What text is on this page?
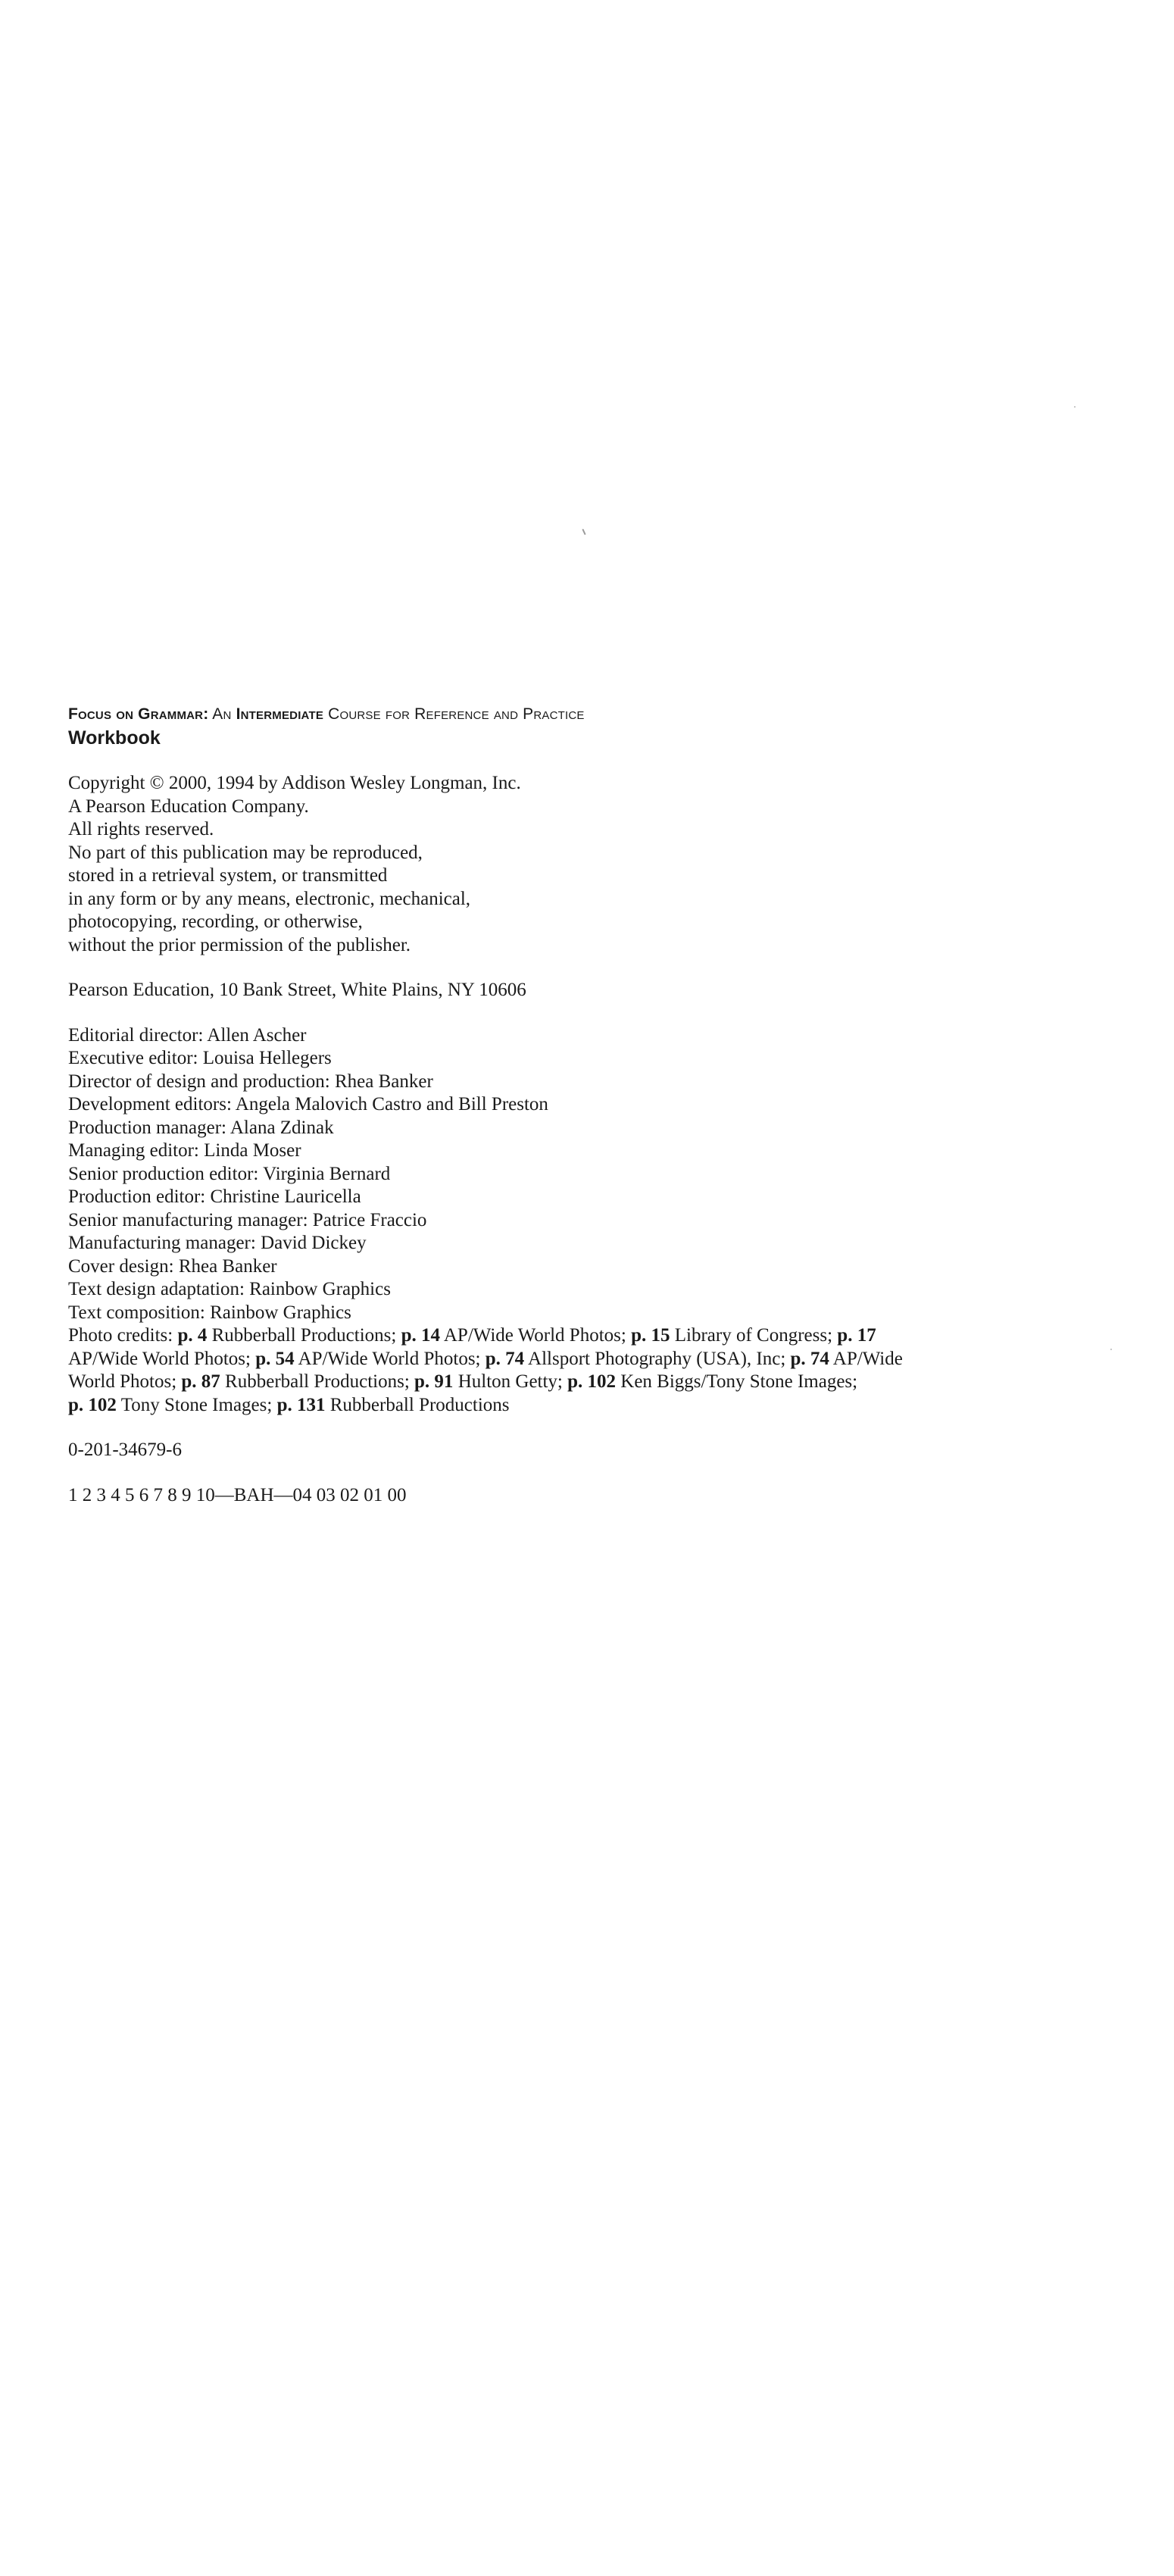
Focus on Grammar: An Intermediate Course for Reference and Practice
Workbook
Copyright © 2000, 1994 by Addison Wesley Longman, Inc.
A Pearson Education Company.
All rights reserved.
No part of this publication may be reproduced,
stored in a retrieval system, or transmitted
in any form or by any means, electronic, mechanical,
photocopying, recording, or otherwise,
without the prior permission of the publisher.
Pearson Education, 10 Bank Street, White Plains, NY 10606
Editorial director: Allen Ascher
Executive editor: Louisa Hellegers
Director of design and production: Rhea Banker
Development editors: Angela Malovich Castro and Bill Preston
Production manager: Alana Zdinak
Managing editor: Linda Moser
Senior production editor: Virginia Bernard
Production editor: Christine Lauricella
Senior manufacturing manager: Patrice Fraccio
Manufacturing manager: David Dickey
Cover design: Rhea Banker
Text design adaptation: Rainbow Graphics
Text composition: Rainbow Graphics
Photo credits: p. 4 Rubberball Productions; p. 14 AP/Wide World Photos; p. 15 Library of Congress; p. 17
AP/Wide World Photos; p. 54 AP/Wide World Photos; p. 74 Allsport Photography (USA), Inc; p. 74 AP/Wide
World Photos; p. 87 Rubberball Productions; p. 91 Hulton Getty; p. 102 Ken Biggs/Tony Stone Images;
p. 102 Tony Stone Images; p. 131 Rubberball Productions
0-201-34679-6
1 2 3 4 5 6 7 8 9 10—BAH—04 03 02 01 00
